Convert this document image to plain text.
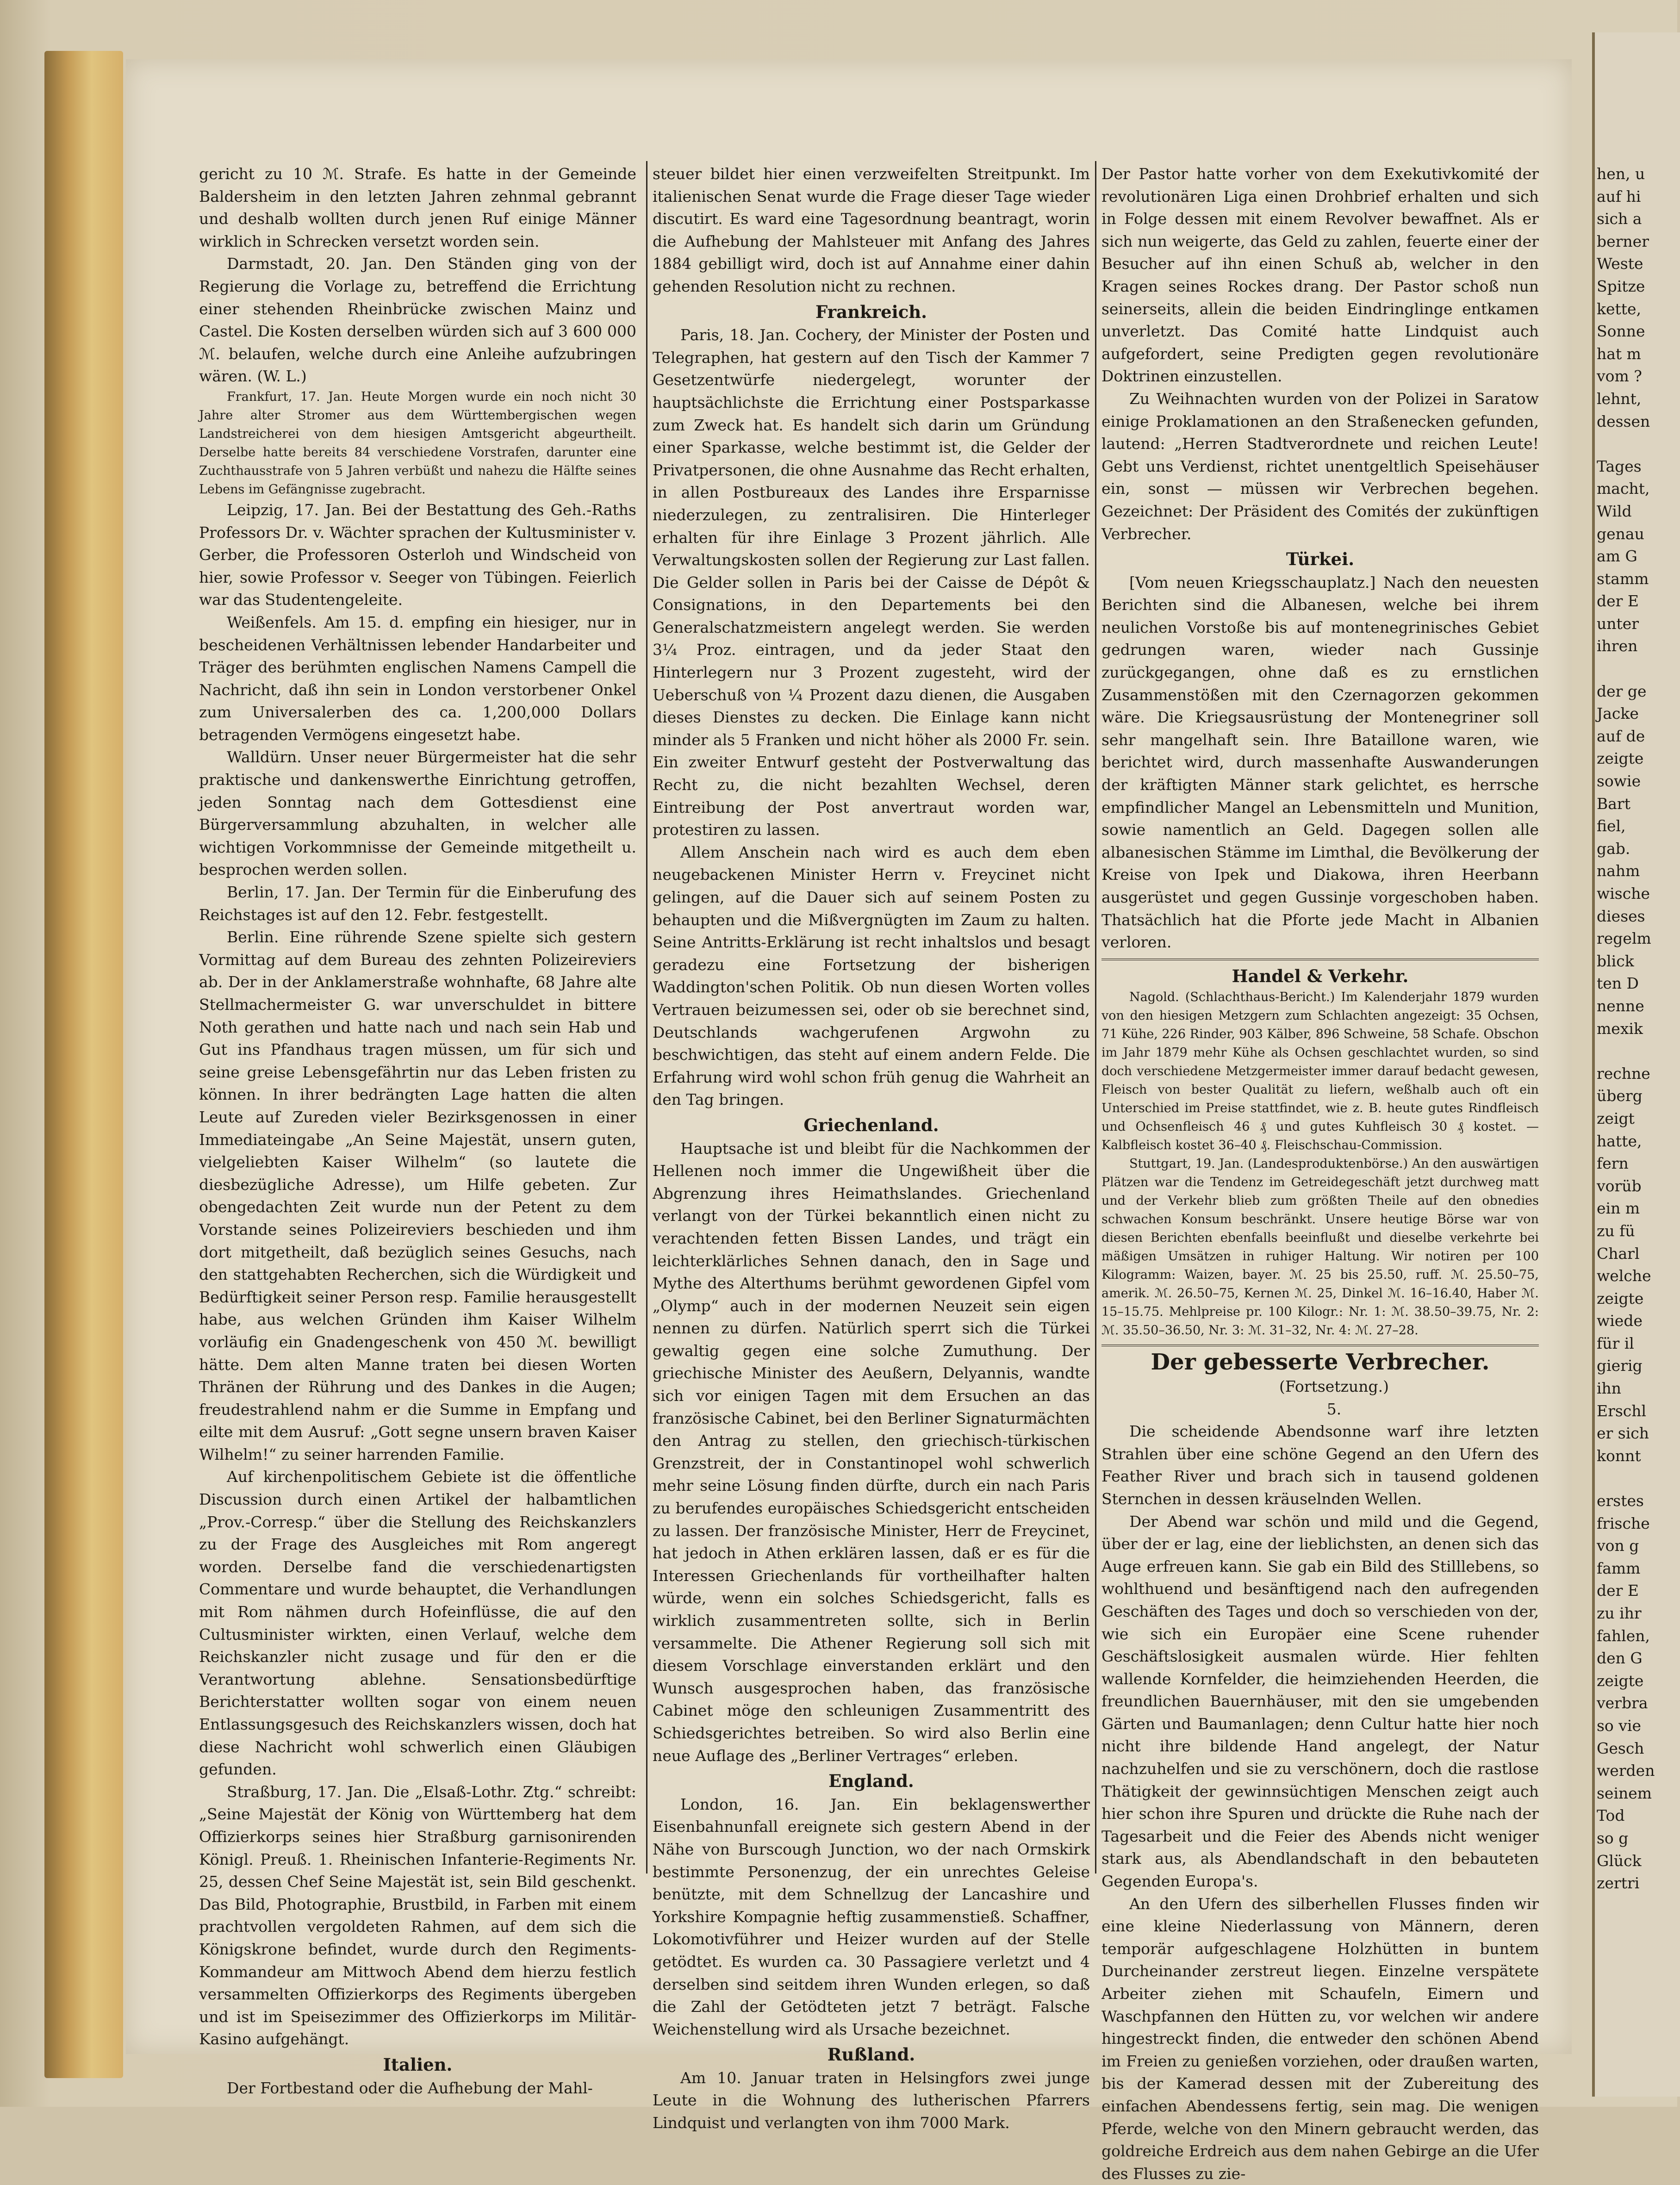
gericht zu 10 ℳ. Strafe. Es hatte in der Gemeinde Baldersheim in den letzten Jahren zehnmal gebrannt und deshalb wollten durch jenen Ruf einige Männer wirklich in Schrecken versetzt worden sein.

Darmstadt, 20. Jan. Den Ständen ging von der Regierung die Vorlage zu, betreffend die Errichtung einer stehenden Rheinbrücke zwischen Mainz und Castel. Die Kosten derselben würden sich auf 3 600 000 ℳ. belaufen, welche durch eine Anleihe aufzubringen wären. (W. L.)

Frankfurt, 17. Jan. Heute Morgen wurde ein noch nicht 30 Jahre alter Stromer aus dem Württembergischen wegen Landstreicherei von dem hiesigen Amtsgericht abgeurtheilt. Derselbe hatte bereits 84 verschiedene Vorstrafen, darunter eine Zuchthausstrafe von 5 Jahren verbüßt und nahezu die Hälfte seines Lebens im Gefängnisse zugebracht.

Leipzig, 17. Jan. Bei der Bestattung des Geh.-Raths Professors Dr. v. Wächter sprachen der Kultusminister v. Gerber, die Professoren Osterloh und Windscheid von hier, sowie Professor v. Seeger von Tübingen. Feierlich war das Studentengeleite.

Weißenfels. Am 15. d. empfing ein hiesiger, nur in bescheidenen Verhältnissen lebender Handarbeiter und Träger des berühmten englischen Namens Campell die Nachricht, daß ihn sein in London verstorbener Onkel zum Universalerben des ca. 1,200,000 Dollars betragenden Vermögens eingesetzt habe.

Walldürn. Unser neuer Bürgermeister hat die sehr praktische und dankenswerthe Einrichtung getroffen, jeden Sonntag nach dem Gottesdienst eine Bürgerversammlung abzuhalten, in welcher alle wichtigen Vorkommnisse der Gemeinde mitgetheilt u. besprochen werden sollen.

Berlin, 17. Jan. Der Termin für die Einberufung des Reichstages ist auf den 12. Febr. festgestellt.

Berlin. Eine rührende Szene spielte sich gestern Vormittag auf dem Bureau des zehnten Polizeireviers ab. Der in der Anklamerstraße wohnhafte, 68 Jahre alte Stellmachermeister G. war unverschuldet in bittere Noth gerathen und hatte nach und nach sein Hab und Gut ins Pfandhaus tragen müssen, um für sich und seine greise Lebensgefährtin nur das Leben fristen zu können. In ihrer bedrängten Lage hatten die alten Leute auf Zureden vieler Bezirksgenossen in einer Immediateingabe „An Seine Majestät, unsern guten, vielgeliebten Kaiser Wilhelm“ (so lautete die diesbezügliche Adresse), um Hilfe gebeten. Zur obengedachten Zeit wurde nun der Petent zu dem Vorstande seines Polizeireviers beschieden und ihm dort mitgetheilt, daß bezüglich seines Gesuchs, nach den stattgehabten Recherchen, sich die Würdigkeit und Bedürftigkeit seiner Person resp. Familie herausgestellt habe, aus welchen Gründen ihm Kaiser Wilhelm vorläufig ein Gnadengeschenk von 450 ℳ. bewilligt hätte. Dem alten Manne traten bei diesen Worten Thränen der Rührung und des Dankes in die Augen; freudestrahlend nahm er die Summe in Empfang und eilte mit dem Ausruf: „Gott segne unsern braven Kaiser Wilhelm!“ zu seiner harrenden Familie.

Auf kirchenpolitischem Gebiete ist die öffentliche Discussion durch einen Artikel der halbamtlichen „Prov.-Corresp.“ über die Stellung des Reichskanzlers zu der Frage des Ausgleiches mit Rom angeregt worden. Derselbe fand die verschiedenartigsten Commentare und wurde behauptet, die Verhandlungen mit Rom nähmen durch Hofeinflüsse, die auf den Cultusminister wirkten, einen Verlauf, welche dem Reichskanzler nicht zusage und für den er die Verantwortung ablehne. Sensationsbedürftige Berichterstatter wollten sogar von einem neuen Entlassungsgesuch des Reichskanzlers wissen, doch hat diese Nachricht wohl schwerlich einen Gläubigen gefunden.

Straßburg, 17. Jan. Die „Elsaß-Lothr. Ztg.“ schreibt: „Seine Majestät der König von Württemberg hat dem Offizierkorps seines hier Straßburg garnisonirenden Königl. Preuß. 1. Rheinischen Infanterie-Regiments Nr. 25, dessen Chef Seine Majestät ist, sein Bild geschenkt. Das Bild, Photographie, Brustbild, in Farben mit einem prachtvollen vergoldeten Rahmen, auf dem sich die Königskrone befindet, wurde durch den Regiments-Kommandeur am Mittwoch Abend dem hierzu festlich versammelten Offizierkorps des Regiments übergeben und ist im Speisezimmer des Offizierkorps im Militär-Kasino aufgehängt.

Italien.

Der Fortbestand oder die Aufhebung der Mahl-

steuer bildet hier einen verzweifelten Streitpunkt. Im italienischen Senat wurde die Frage dieser Tage wieder discutirt. Es ward eine Tagesordnung beantragt, worin die Aufhebung der Mahlsteuer mit Anfang des Jahres 1884 gebilligt wird, doch ist auf Annahme einer dahin gehenden Resolution nicht zu rechnen.

Frankreich.

Paris, 18. Jan. Cochery, der Minister der Posten und Telegraphen, hat gestern auf den Tisch der Kammer 7 Gesetzentwürfe niedergelegt, worunter der hauptsächlichste die Errichtung einer Postsparkasse zum Zweck hat. Es handelt sich darin um Gründung einer Sparkasse, welche bestimmt ist, die Gelder der Privatpersonen, die ohne Ausnahme das Recht erhalten, in allen Postbureaux des Landes ihre Ersparnisse niederzulegen, zu zentralisiren. Die Hinterleger erhalten für ihre Einlage 3 Prozent jährlich. Alle Verwaltungskosten sollen der Regierung zur Last fallen. Die Gelder sollen in Paris bei der Caisse de Dépôt & Consignations, in den Departements bei den Generalschatzmeistern angelegt werden. Sie werden 3¼ Proz. eintragen, und da jeder Staat den Hinterlegern nur 3 Prozent zugesteht, wird der Ueberschuß von ¼ Prozent dazu dienen, die Ausgaben dieses Dienstes zu decken. Die Einlage kann nicht minder als 5 Franken und nicht höher als 2000 Fr. sein. Ein zweiter Entwurf gesteht der Postverwaltung das Recht zu, die nicht bezahlten Wechsel, deren Eintreibung der Post anvertraut worden war, protestiren zu lassen.

Allem Anschein nach wird es auch dem eben neugebackenen Minister Herrn v. Freycinet nicht gelingen, auf die Dauer sich auf seinem Posten zu behaupten und die Mißvergnügten im Zaum zu halten. Seine Antritts-Erklärung ist recht inhaltslos und besagt geradezu eine Fortsetzung der bisherigen Waddington'schen Politik. Ob nun diesen Worten volles Vertrauen beizumessen sei, oder ob sie berechnet sind, Deutschlands wachgerufenen Argwohn zu beschwichtigen, das steht auf einem andern Felde. Die Erfahrung wird wohl schon früh genug die Wahrheit an den Tag bringen.

Griechenland.

Hauptsache ist und bleibt für die Nachkommen der Hellenen noch immer die Ungewißheit über die Abgrenzung ihres Heimathslandes. Griechenland verlangt von der Türkei bekanntlich einen nicht zu verachtenden fetten Bissen Landes, und trägt ein leichterklärliches Sehnen danach, den in Sage und Mythe des Alterthums berühmt gewordenen Gipfel vom „Olymp“ auch in der modernen Neuzeit sein eigen nennen zu dürfen. Natürlich sperrt sich die Türkei gewaltig gegen eine solche Zumuthung. Der griechische Minister des Aeußern, Delyannis, wandte sich vor einigen Tagen mit dem Ersuchen an das französische Cabinet, bei den Berliner Signaturmächten den Antrag zu stellen, den griechisch-türkischen Grenzstreit, der in Constantinopel wohl schwerlich mehr seine Lösung finden dürfte, durch ein nach Paris zu berufendes europäisches Schiedsgericht entscheiden zu lassen. Der französische Minister, Herr de Freycinet, hat jedoch in Athen erklären lassen, daß er es für die Interessen Griechenlands für vortheilhafter halten würde, wenn ein solches Schiedsgericht, falls es wirklich zusammentreten sollte, sich in Berlin versammelte. Die Athener Regierung soll sich mit diesem Vorschlage einverstanden erklärt und den Wunsch ausgesprochen haben, das französische Cabinet möge den schleunigen Zusammentritt des Schiedsgerichtes betreiben. So wird also Berlin eine neue Auflage des „Berliner Vertrages“ erleben.

England.

London, 16. Jan. Ein beklagenswerther Eisenbahnunfall ereignete sich gestern Abend in der Nähe von Burscough Junction, wo der nach Ormskirk bestimmte Personenzug, der ein unrechtes Geleise benützte, mit dem Schnellzug der Lancashire und Yorkshire Kompagnie heftig zusammenstieß. Schaffner, Lokomotivführer und Heizer wurden auf der Stelle getödtet. Es wurden ca. 30 Passagiere verletzt und 4 derselben sind seitdem ihren Wunden erlegen, so daß die Zahl der Getödteten jetzt 7 beträgt. Falsche Weichenstellung wird als Ursache bezeichnet.

Rußland.

Am 10. Januar traten in Helsingfors zwei junge Leute in die Wohnung des lutherischen Pfarrers Lindquist und verlangten von ihm 7000 Mark.

Der Pastor hatte vorher von dem Exekutivkomité der revolutionären Liga einen Drohbrief erhalten und sich in Folge dessen mit einem Revolver bewaffnet. Als er sich nun weigerte, das Geld zu zahlen, feuerte einer der Besucher auf ihn einen Schuß ab, welcher in den Kragen seines Rockes drang. Der Pastor schoß nun seinerseits, allein die beiden Eindringlinge entkamen unverletzt. Das Comité hatte Lindquist auch aufgefordert, seine Predigten gegen revolutionäre Doktrinen einzustellen.

Zu Weihnachten wurden von der Polizei in Saratow einige Proklamationen an den Straßenecken gefunden, lautend: „Herren Stadtverordnete und reichen Leute! Gebt uns Verdienst, richtet unentgeltlich Speisehäuser ein, sonst — müssen wir Verbrechen begehen. Gezeichnet: Der Präsident des Comités der zukünftigen Verbrecher.

Türkei.

[Vom neuen Kriegsschauplatz.] Nach den neuesten Berichten sind die Albanesen, welche bei ihrem neulichen Vorstoße bis auf montenegrinisches Gebiet gedrungen waren, wieder nach Gussinje zurückgegangen, ohne daß es zu ernstlichen Zusammenstößen mit den Czernagorzen gekommen wäre. Die Kriegsausrüstung der Montenegriner soll sehr mangelhaft sein. Ihre Bataillone waren, wie berichtet wird, durch massenhafte Auswanderungen der kräftigten Männer stark gelichtet, es herrsche empfindlicher Mangel an Lebensmitteln und Munition, sowie namentlich an Geld. Dagegen sollen alle albanesischen Stämme im Limthal, die Bevölkerung der Kreise von Ipek und Diakowa, ihren Heerbann ausgerüstet und gegen Gussinje vorgeschoben haben. Thatsächlich hat die Pforte jede Macht in Albanien verloren.

Handel & Verkehr.

Nagold. (Schlachthaus-Bericht.) Im Kalenderjahr 1879 wurden von den hiesigen Metzgern zum Schlachten angezeigt: 35 Ochsen, 71 Kühe, 226 Rinder, 903 Kälber, 896 Schweine, 58 Schafe. Obschon im Jahr 1879 mehr Kühe als Ochsen geschlachtet wurden, so sind doch verschiedene Metzgermeister immer darauf bedacht gewesen, Fleisch von bester Qualität zu liefern, weßhalb auch oft ein Unterschied im Preise stattfindet, wie z. B. heute gutes Rindfleisch und Ochsenfleisch 46 ₰ und gutes Kuhfleisch 30 ₰ kostet. — Kalbfleisch kostet 36–40 ₰. Fleischschau-Commission.

Stuttgart, 19. Jan. (Landesproduktenbörse.) An den auswärtigen Plätzen war die Tendenz im Getreidegeschäft jetzt durchweg matt und der Verkehr blieb zum größten Theile auf den obnedies schwachen Konsum beschränkt. Unsere heutige Börse war von diesen Berichten ebenfalls beeinflußt und dieselbe verkehrte bei mäßigen Umsätzen in ruhiger Haltung. Wir notiren per 100 Kilogramm: Waizen, bayer. ℳ. 25 bis 25.50, ruff. ℳ. 25.50–75, amerik. ℳ. 26.50–75, Kernen ℳ. 25, Dinkel ℳ. 16–16.40, Haber ℳ. 15–15.75. Mehlpreise pr. 100 Kilogr.: Nr. 1: ℳ. 38.50–39.75, Nr. 2: ℳ. 35.50–36.50, Nr. 3: ℳ. 31–32, Nr. 4: ℳ. 27–28.

Der gebesserte Verbrecher.

(Fortsetzung.)

5.

Die scheidende Abendsonne warf ihre letzten Strahlen über eine schöne Gegend an den Ufern des Feather River und brach sich in tausend goldenen Sternchen in dessen kräuselnden Wellen.

Der Abend war schön und mild und die Gegend, über der er lag, eine der lieblichsten, an denen sich das Auge erfreuen kann. Sie gab ein Bild des Stilllebens, so wohlthuend und besänftigend nach den aufregenden Geschäften des Tages und doch so verschieden von der, wie sich ein Europäer eine Scene ruhender Geschäftslosigkeit ausmalen würde. Hier fehlten wallende Kornfelder, die heimziehenden Heerden, die freundlichen Bauernhäuser, mit den sie umgebenden Gärten und Baumanlagen; denn Cultur hatte hier noch nicht ihre bildende Hand angelegt, der Natur nachzuhelfen und sie zu verschönern, doch die rastlose Thätigkeit der gewinnsüchtigen Menschen zeigt auch hier schon ihre Spuren und drückte die Ruhe nach der Tagesarbeit und die Feier des Abends nicht weniger stark aus, als Abendlandschaft in den bebauteten Gegenden Europa's.

An den Ufern des silberhellen Flusses finden wir eine kleine Niederlassung von Männern, deren temporär aufgeschlagene Holzhütten in buntem Durcheinander zerstreut liegen. Einzelne verspätete Arbeiter ziehen mit Schaufeln, Eimern und Waschpfannen den Hütten zu, vor welchen wir andere hingestreckt finden, die entweder den schönen Abend im Freien zu genießen vorziehen, oder draußen warten, bis der Kamerad dessen mit der Zubereitung des einfachen Abendessens fertig, sein mag. Die wenigen Pferde, welche von den Minern gebraucht werden, das goldreiche Erdreich aus dem nahen Gebirge an die Ufer des Flusses zu zie-

hen, u
auf hi
sich a
berner
Weste
Spitze
kette,
Sonne
hat m
vom ?
lehnt,
dessen

Tages
macht,
Wild
genau
am G
stamm
der E
unter
ihren

der ge
Jacke
auf de
zeigte
sowie
Bart
fiel,
gab.
nahm
wische
dieses
regelm
blick
ten D
nenne
mexik

rechne
überg
zeigt
hatte,
fern
vorüb
ein m
zu fü
Charl
welche
zeigte
wiede
für il
gierig
ihn
Erschl
er sich
konnt

erstes
frische
von g
famm
der E
zu ihr
fahlen,
den G
zeigte
verbra
so vie
Gesch
werden
seinem
Tod
so g
Glück
zertri
